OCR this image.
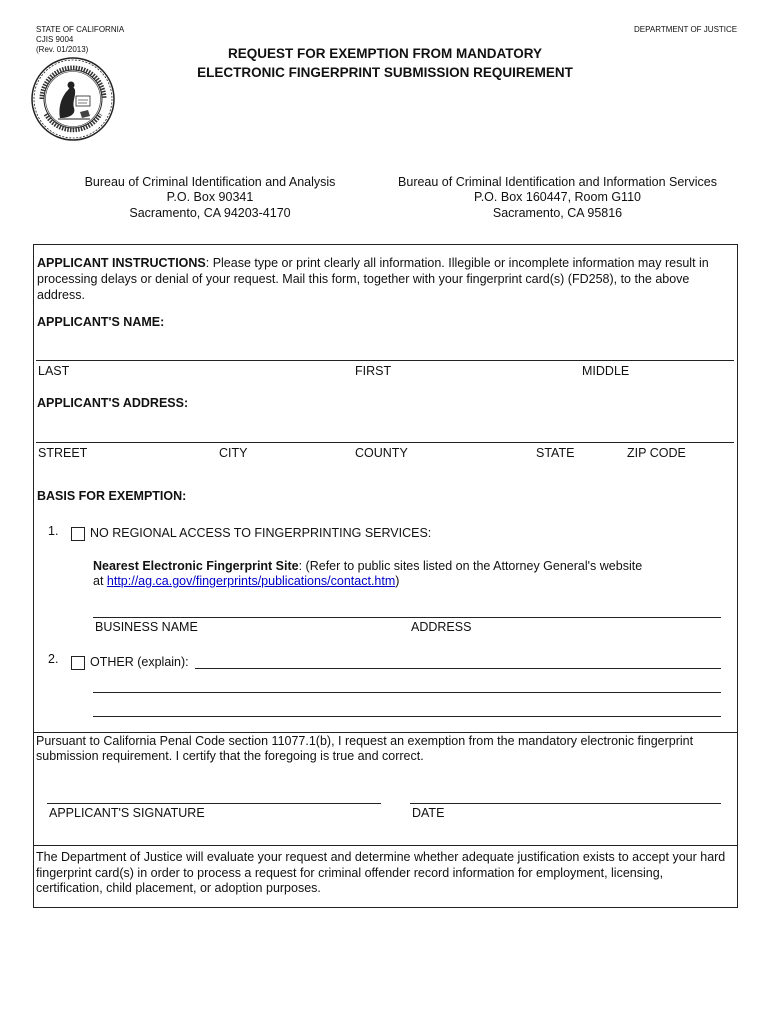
STATE OF CALIFORNIA
CJIS 9004
(Rev. 01/2013)
DEPARTMENT OF JUSTICE
REQUEST FOR EXEMPTION FROM MANDATORY
ELECTRONIC FINGERPRINT SUBMISSION REQUIREMENT
Bureau of Criminal Identification and Analysis
P.O. Box 90341
Sacramento, CA 94203-4170
Bureau of Criminal Identification and Information Services
P.O. Box 160447, Room G110
Sacramento, CA 95816
APPLICANT INSTRUCTIONS: Please type or print clearly all information. Illegible or incomplete information may result in
processing delays or denial of your request. Mail this form, together with your fingerprint card(s) (FD258), to the above
address.
APPLICANT'S NAME:
LAST	FIRST	MIDDLE
APPLICANT'S ADDRESS:
STREET	CITY	COUNTY	STATE	ZIP CODE
BASIS FOR EXEMPTION:
1.	NO REGIONAL ACCESS TO FINGERPRINTING SERVICES:
Nearest Electronic Fingerprint Site: (Refer to public sites listed on the Attorney General's website
at http://ag.ca.gov/fingerprints/publications/contact.htm)
BUSINESS NAME	ADDRESS
2.	OTHER (explain):
Pursuant to California Penal Code section 11077.1(b), I request an exemption from the mandatory electronic fingerprint
submission requirement. I certify that the foregoing is true and correct.
APPLICANT'S SIGNATURE	DATE
The Department of Justice will evaluate your request and determine whether adequate justification exists to accept your hard
fingerprint card(s) in order to process a request for criminal offender record information for employment, licensing,
certification, child placement, or adoption purposes.
